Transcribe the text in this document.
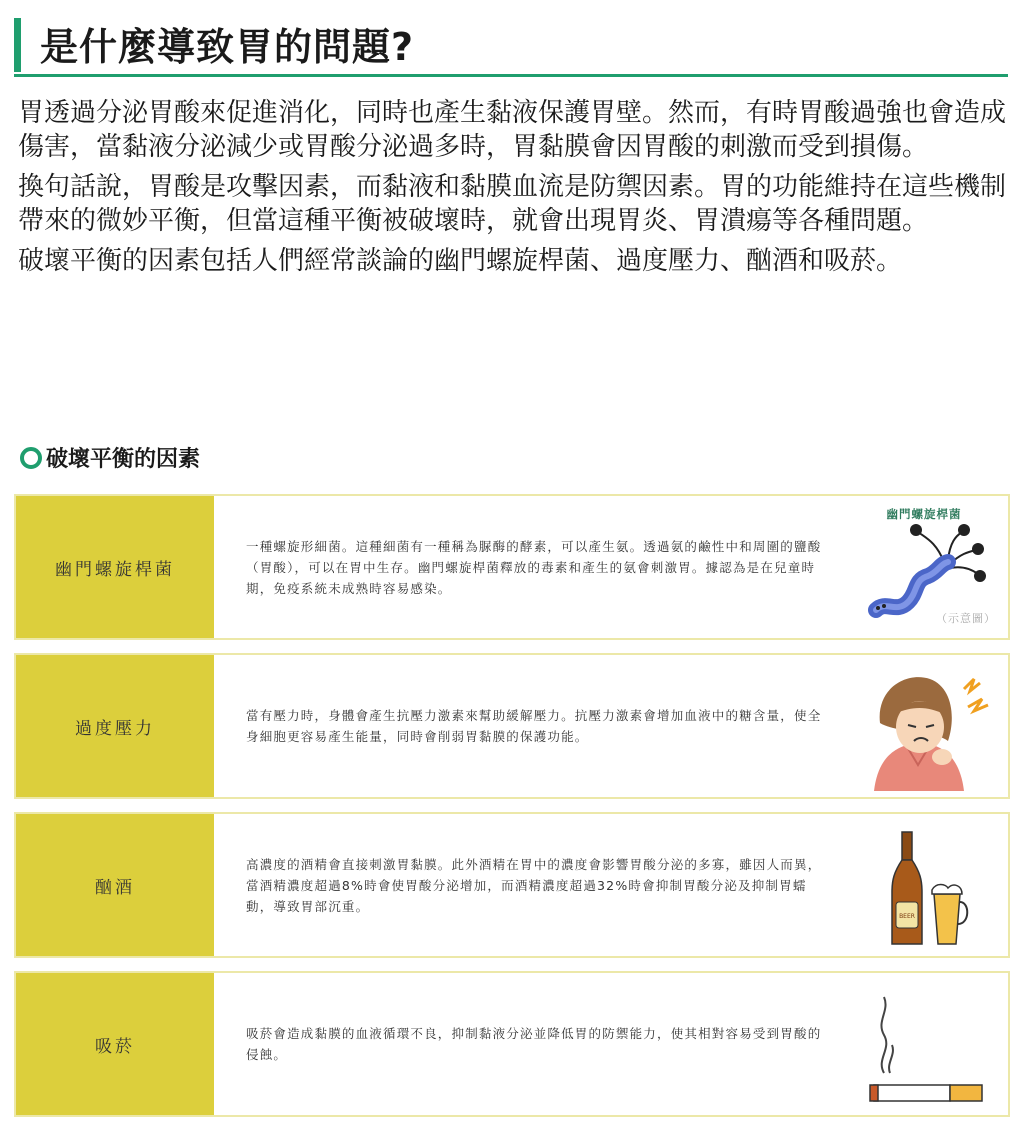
是什麼導致胃的問題?

胃透過分泌胃酸來促進消化，同時也產生黏液保護胃壁。然而，有時胃酸過強也會造成傷害，當黏液分泌減少或胃酸分泌過多時，胃黏膜會因胃酸的刺激而受到損傷。

換句話說，胃酸是攻擊因素，而黏液和黏膜血流是防禦因素。胃的功能維持在這些機制帶來的微妙平衡，但當這種平衡被破壞時，就會出現胃炎、胃潰瘍等各種問題。

破壞平衡的因素包括人們經常談論的幽門螺旋桿菌、過度壓力、酗酒和吸菸。

破壞平衡的因素
幽門螺旋桿菌
一種螺旋形細菌。這種細菌有一種稱為脲酶的酵素，可以產生氨。透過氨的鹼性中和周圍的鹽酸（胃酸），可以在胃中生存。幽門螺旋桿菌釋放的毒素和產生的氨會刺激胃。據認為是在兒童時期，免疫系統未成熟時容易感染。
幽門螺旋桿菌
（示意圖）
過度壓力
當有壓力時，身體會產生抗壓力激素來幫助緩解壓力。抗壓力激素會增加血液中的糖含量，使全身細胞更容易產生能量，同時會削弱胃黏膜的保護功能。
酗酒
高濃度的酒精會直接刺激胃黏膜。此外酒精在胃中的濃度會影響胃酸分泌的多寡，雖因人而異，當酒精濃度超過8%時會使胃酸分泌增加，而酒精濃度超過32%時會抑制胃酸分泌及抑制胃蠕動，導致胃部沉重。
BEER
吸菸
吸菸會造成黏膜的血液循環不良，抑制黏液分泌並降低胃的防禦能力，使其相對容易受到胃酸的侵蝕。
